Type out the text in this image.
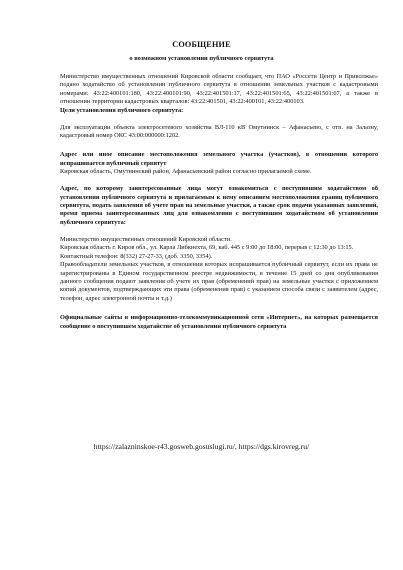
СООБЩЕНИЕ
о возможном установлении публичного сервитута

Министерство имущественных отношений Кировской области сообщает, что ПАО «Россети Центр и Приволжье» подано ходатайство об установлении публичного сервитута в отношении земельных участков с кадастровыми номерами: 43:22:400101:180, 43:22:400101:90, 43:22:401501:17, 43:22:401501:65, 43:22:401501:67, а также в отношении территории кадастровых кварталов: 43:22:401501, 43:22:400101, 43:22:400103.

Цели установления публичного сервитута:

Для эксплуатации объекта электросетевого хозяйства ВЛ-110 кВ Омутнинск – Афанасьево, с отп. на Залазну, кадастровый номер ОКС 43:00:000000:1202.

Адрес или иное описание местоположения земельного участка (участков), в отношении которого испрашивается публичный сервитут

Кировская область, Омутнинский район, Афанасьевский район согласно прилагаемой схеме.

Адрес, по которому заинтересованные лица могут ознакомиться с поступившим ходатайством об установлении публичного сервитута и прилагаемым к нему описанием местоположения границ публичного сервитута, подать заявления об учете прав на земельные участки, а также срок подачи указанных заявлений, время приема заинтересованных лиц для ознакомления с поступившим ходатайством об установлении публичного сервитута:

Министерство имущественных отношений Кировской области.

Кировская область г. Киров обл., ул. Карла Либкнехта, 69, каб. 445 с 9:00 до 18:00, перерыв с 12:30 до 13:15.

Контактный телефон: 8(332) 27-27-33, (доб. 3350, 3354).

Правообладатели земельных участков, в отношении которых испрашивается публичный сервитут, если их права не зарегистрированы в Едином государственном реестре недвижимости, в течение 15 дней со дня опубликования данного сообщения подают заявления об учете их прав (обременений прав) на земельные участки с приложением копий документов, подтверждающих эти права (обременения прав) с указанием способа связи с заявителем (адрес, телефон, адрес электронной почты и т.д.)

Официальные сайты в информационно-телекоммуникационной сети «Интернет», на которых размещается сообщение о поступившем ходатайстве об установлении публичного сервитута

https://zalazninskoe-r43.gosweb.gosuslugi.ru/, https://dgs.kirovreg.ru/
